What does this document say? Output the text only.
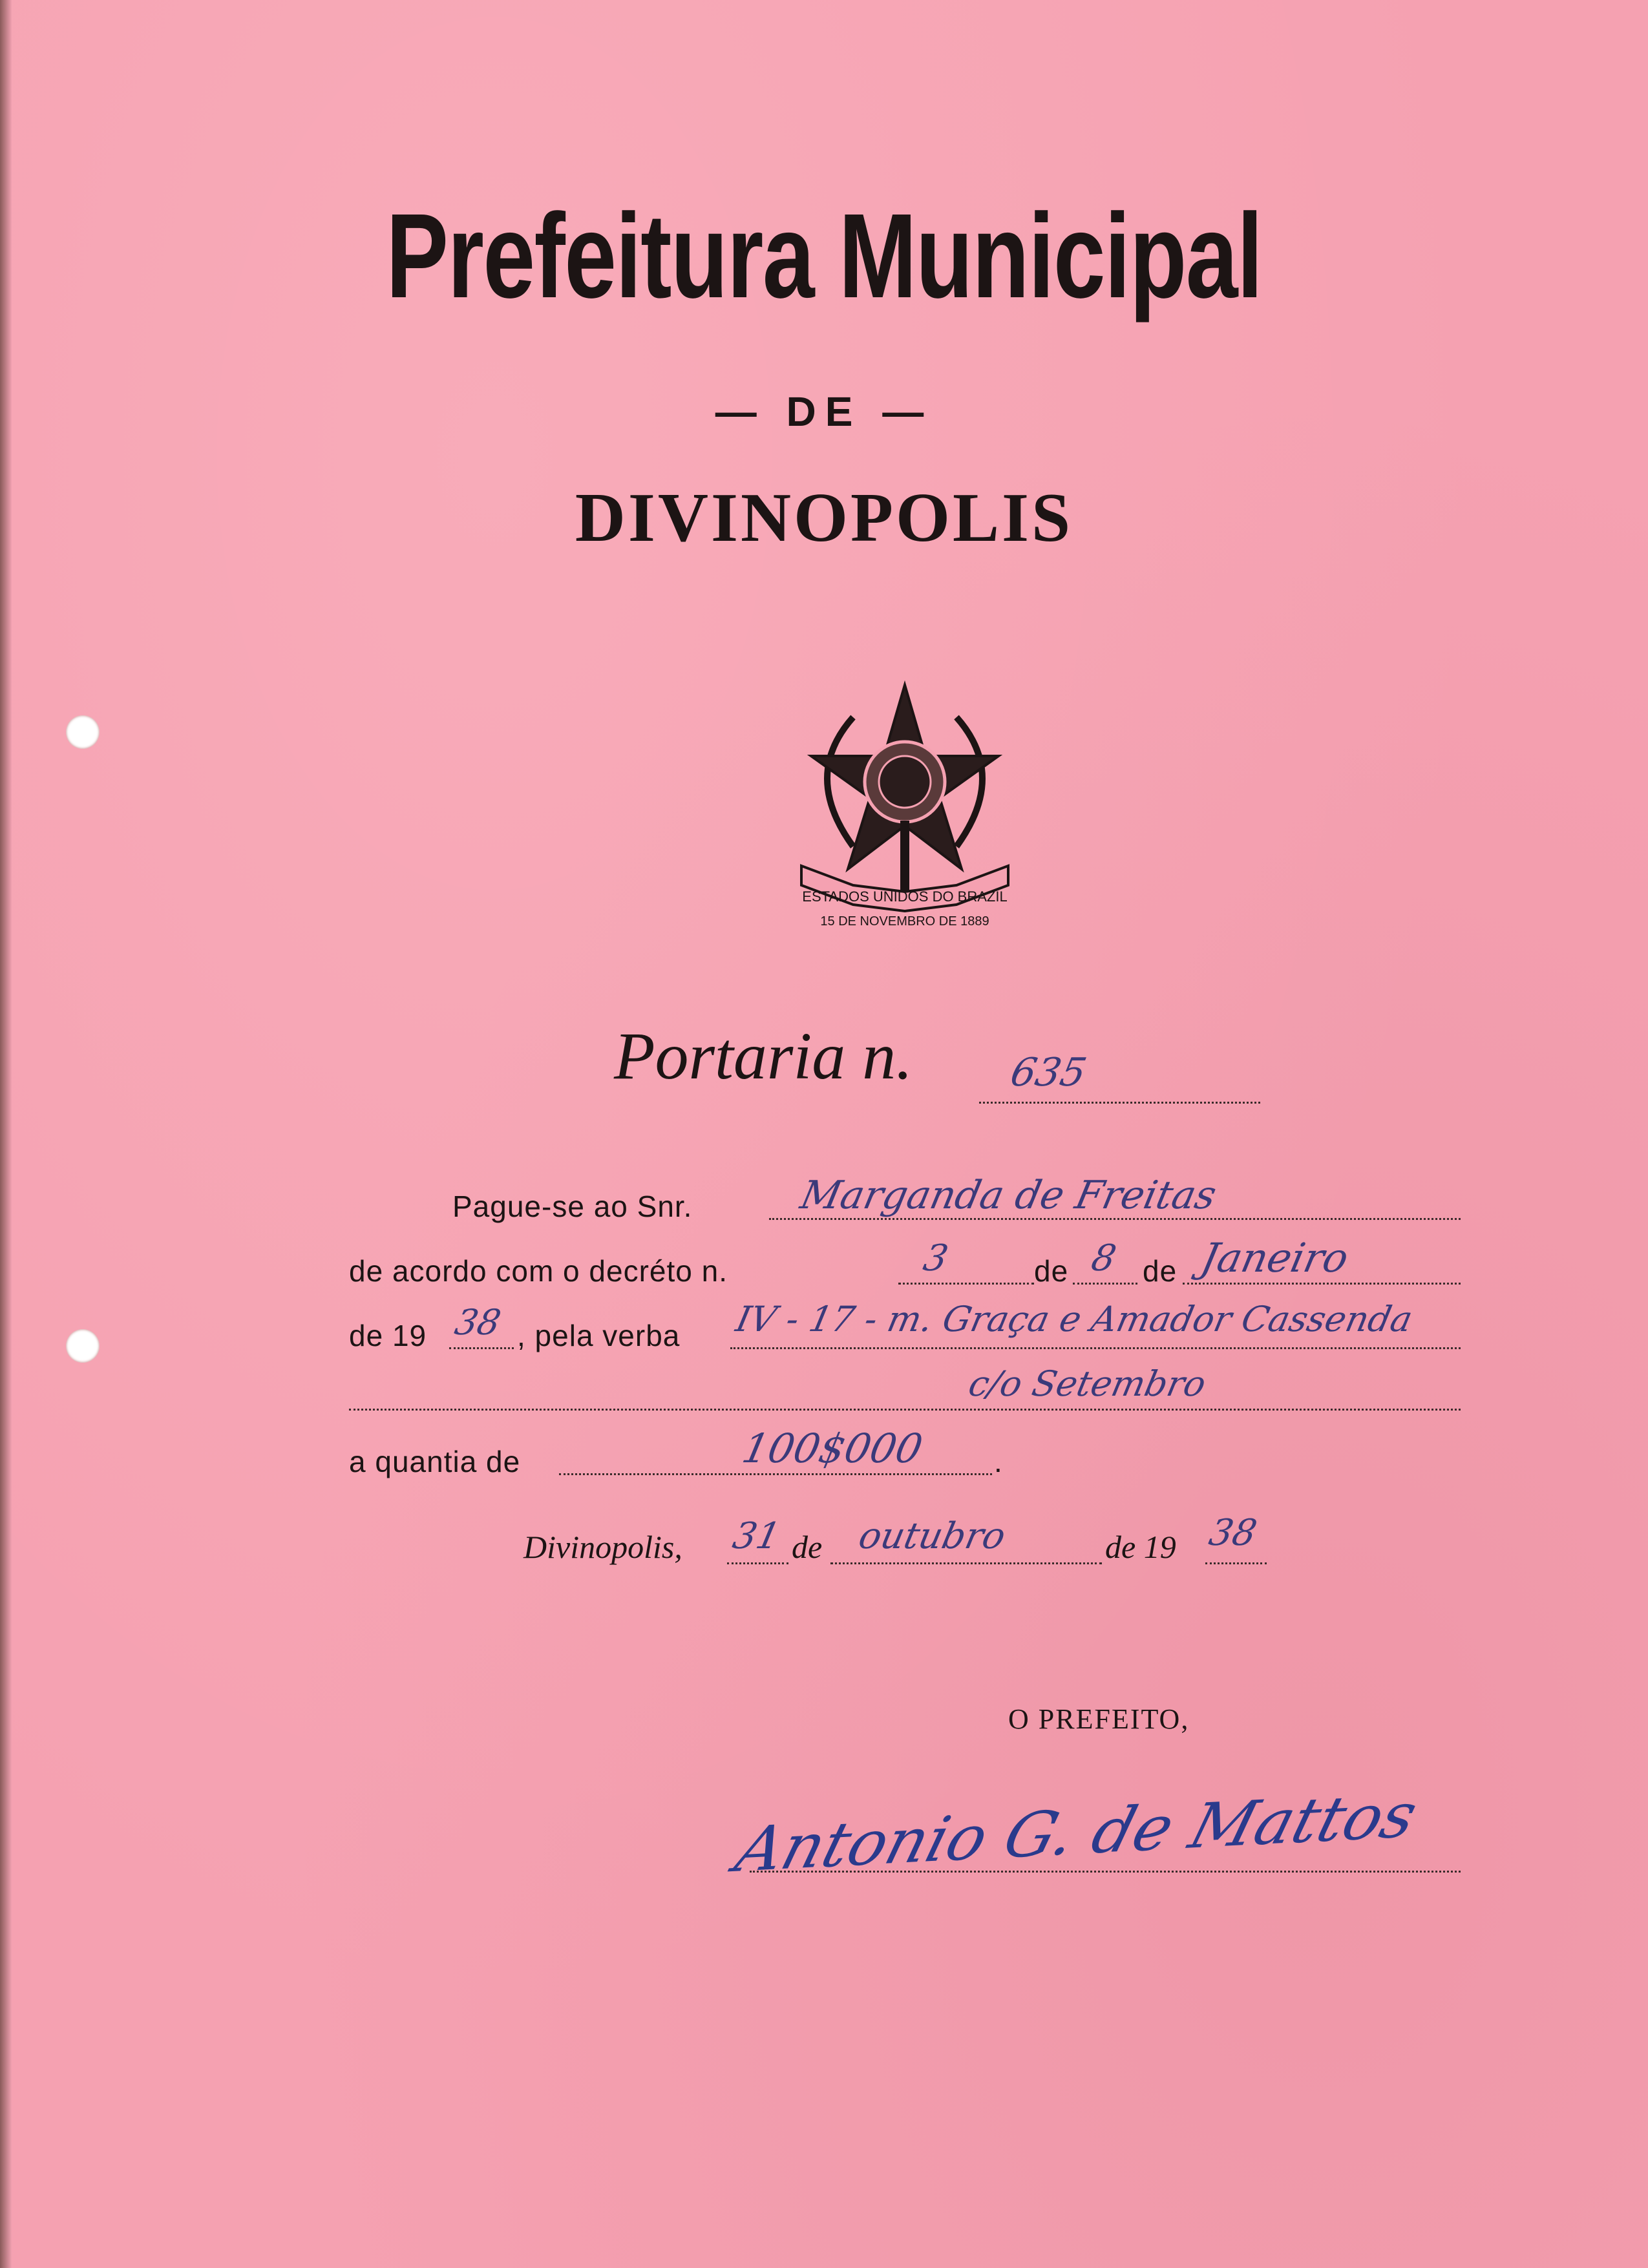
Prefeitura Municipal
— DE —
DIVINOPOLIS
ESTADOS UNIDOS DO BRAZIL
15 DE NOVEMBRO DE 1889
Portaria n. 635
Pague-se ao Snr.	Marganda de Freitas
de acordo com o decréto n.	3	de 8 de Janeiro
de 19 38 , pela verba IV - 17 - m. Graça e Amador Cassenda
c/o Setembro
a quantia de	100$000 .
Divinopolis, 31 de outubro	de 19 38
O PREFEITO,
Antonio G. de Mattos
